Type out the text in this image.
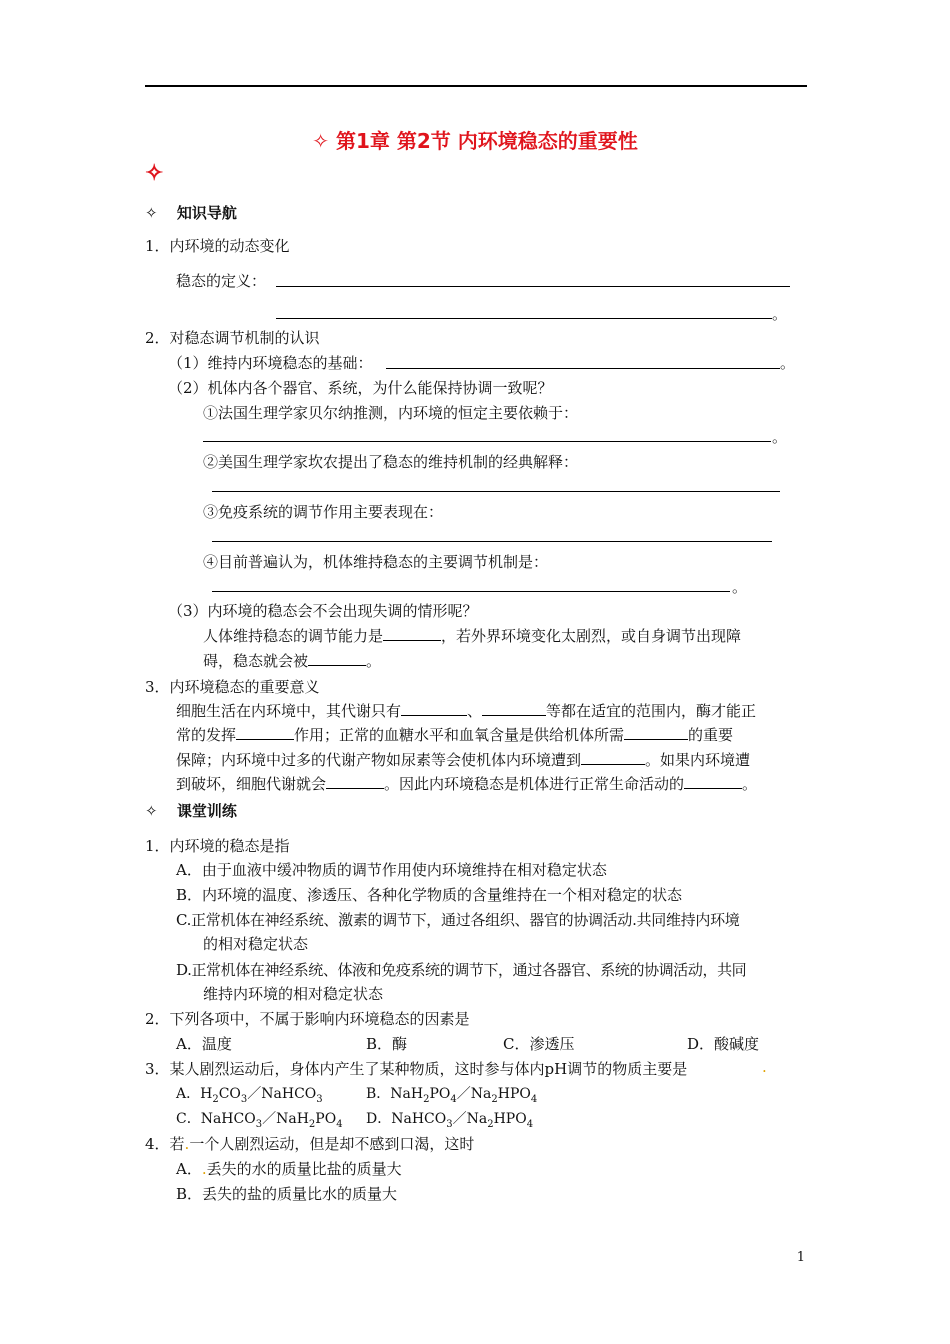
✧ 第1章 第2节 内环境稳态的重要性
✧
✧ 知识导航
1．内环境的动态变化
稳态的定义：
。
2．对稳态调节机制的认识
（1）维持内环境稳态的基础：	。
（2）机体内各个器官、系统，为什么能保持协调一致呢？
①法国生理学家贝尔纳推测，内环境的恒定主要依赖于：
。
②美国生理学家坎农提出了稳态的维持机制的经典解释：
③免疫系统的调节作用主要表现在：
④目前普遍认为，机体维持稳态的主要调节机制是：
。
（3）内环境的稳态会不会出现失调的情形呢？
人体维持稳态的调节能力是	，若外界环境变化太剧烈，或自身调节出现障
碍，稳态就会被	。
3．内环境稳态的重要意义
细胞生活在内环境中，其代谢只有	、	等都在适宜的范围内，酶才能正
常的发挥	作用；正常的血糖水平和血氧含量是供给机体所需	的重要
保障；内环境中过多的代谢产物如尿素等会使机体内环境遭到	。如果内环境遭
到破坏，细胞代谢就会	。因此内环境稳态是机体进行正常生命活动的	。
✧ 课堂训练
1．内环境的稳态是指
A．由于血液中缓冲物质的调节作用使内环境维持在相对稳定状态
B．内环境的温度、渗透压、各种化学物质的含量维持在一个相对稳定的状态
C.正常机体在神经系统、激素的调节下，通过各组织、器官的协调活动.共同维持内环境
的相对稳定状态
D.正常机体在神经系统、体液和免疫系统的调节下，通过各器官、系统的协调活动，共同
维持内环境的相对稳定状态
2．下列各项中，不属于影响内环境稳态的因素是
A．温度	B．酶	C．渗透压	D．酸碱度
3．某人剧烈运动后，身体内产生了某种物质，这时参与体内pH调节的物质主要是	.
A．$H_2CO_3/NaHCO_3$	B．$NaH_2PO_4/Na_2HPO_4$
C．$NaHCO_3/NaH_2PO_4$ D．$NaHCO_3/Na_2HPO_4$
4．若.一个人剧烈运动，但是却不感到口渴，这时
A．.丢失的水的质量比盐的质量大
B．丢失的盐的质量比水的质量大
1
